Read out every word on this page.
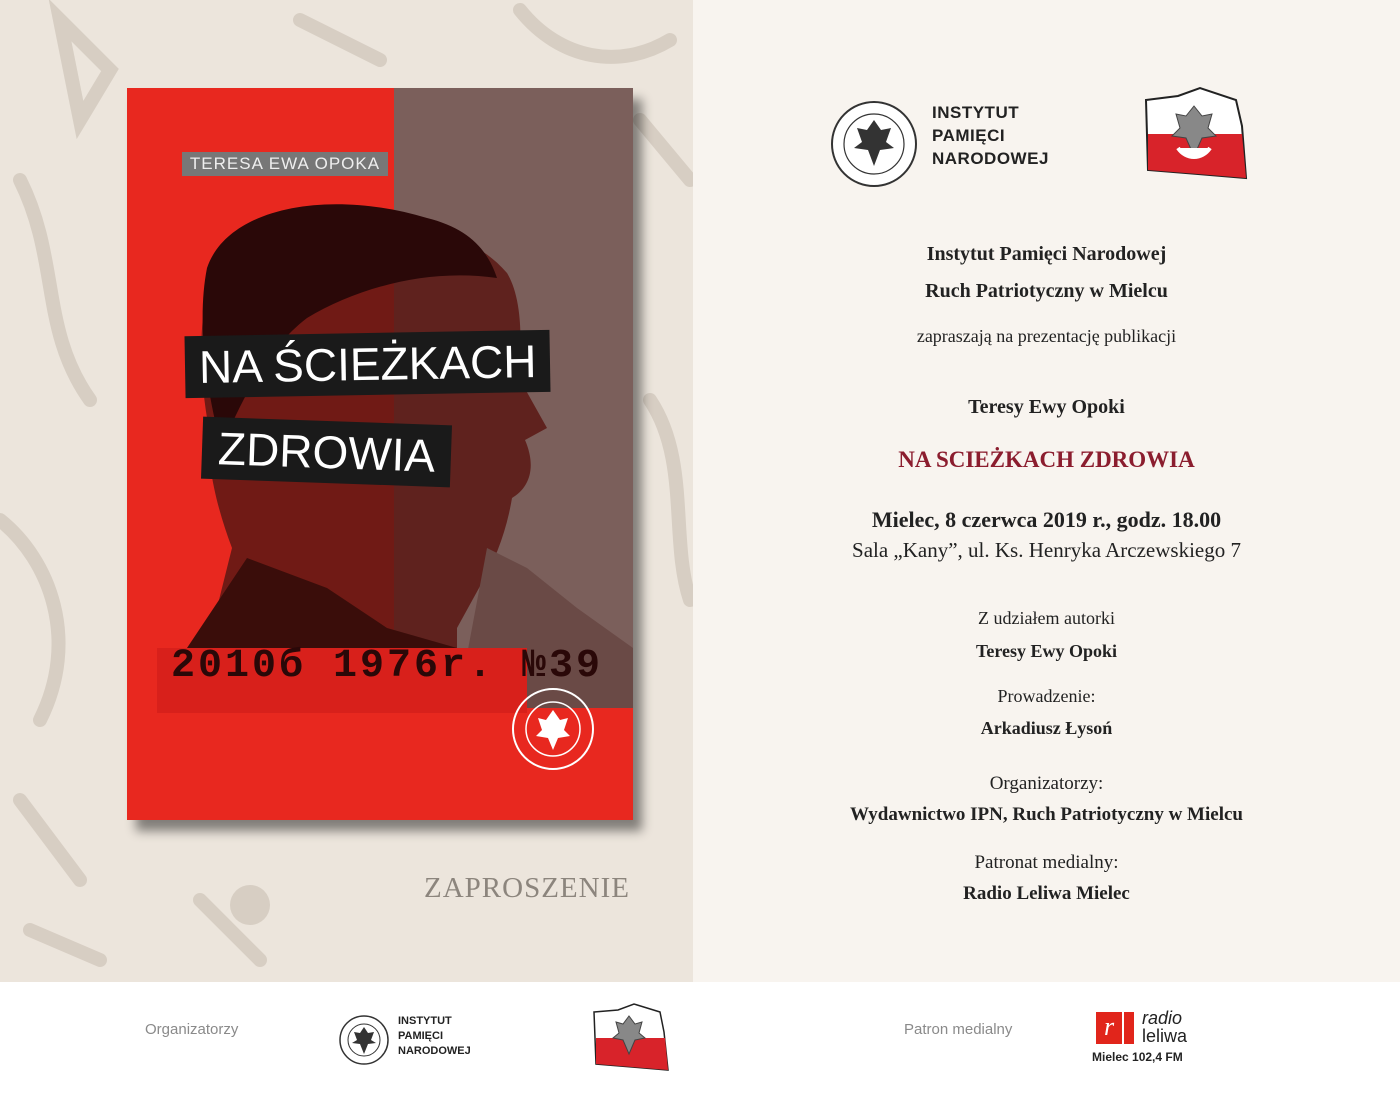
TERESA EWA OPOKA
NA ŚCIEŻKACH
ZDROWIA
2010б 1976r. №39
ZAPROSZENIE
INSTYTUT
PAMIĘCI
NARODOWEJ
Instytut Pamięci Narodowej
Ruch Patriotyczny w Mielcu
zapraszają na prezentację publikacji
Teresy Ewy Opoki
NA SCIEŻKACH ZDROWIA
Mielec, 8 czerwca 2019 r., godz. 18.00
Sala „Kany”, ul. Ks. Henryka Arczewskiego 7
Z udziałem autorki
Teresy Ewy Opoki
Prowadzenie:
Arkadiusz Łysoń
Organizatorzy:
Wydawnictwo IPN, Ruch Patriotyczny w Mielcu
Patronat medialny:
Radio Leliwa Mielec
Organizatorzy	INSTYTUT
PAMIĘCI
NARODOWEJ
Patron medialny	r	radio
leliwa
Mielec 102,4 FM
